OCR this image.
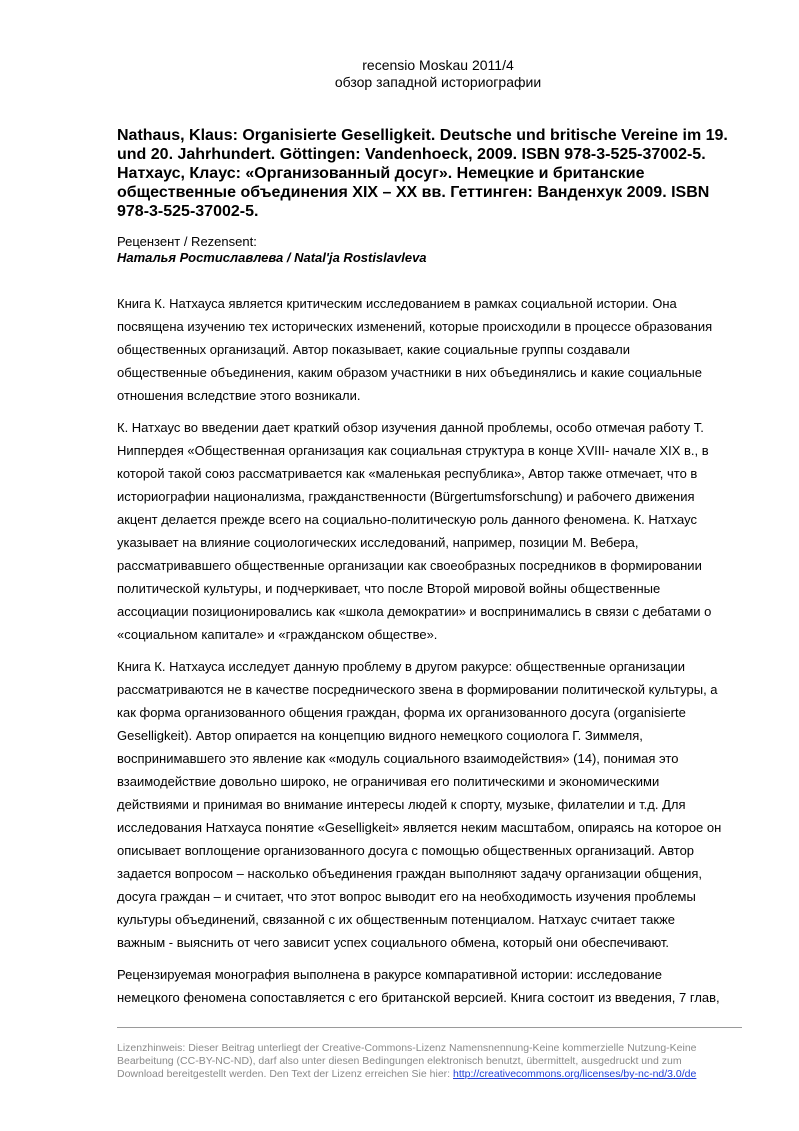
recensio Moskau 2011/4
обзор западной историографии
Nathaus, Klaus: Organisierte Geselligkeit. Deutsche und britische Vereine im 19.
und 20. Jahrhundert. Göttingen: Vandenhoeck, 2009. ISBN 978-3-525-37002-5.
Натхаус, Клаус: «Организованный досуг». Немецкие и британские
общественные объединения XIX – XX вв. Геттинген: Ванденхук 2009. ISBN
978-3-525-37002-5.
Рецензент / Rezensent:
Наталья Ростиславлева / Natal'ja Rostislavleva
Книга К. Натхауса является критическим исследованием в рамках социальной истории. Она
посвящена изучению тех исторических изменений, которые происходили в процессе образования
общественных организаций. Автор показывает, какие социальные группы создавали
общественные объединения, каким образом участники в них объединялись и какие социальные
отношения вследствие этого возникали.
К. Натхаус во введении дает краткий обзор изучения данной проблемы, особо отмечая работу Т.
Ниппердея «Общественная организация как социальная структура в конце XVIII- начале XIX в., в
которой такой союз рассматривается как «маленькая республика», Автор также отмечает, что в
историографии национализма, гражданственности (Bürgertumsforschung) и рабочего движения
акцент делается прежде всего на социально-политическую роль данного феномена. К. Натхаус
указывает на влияние социологических исследований, например, позиции М. Вебера,
рассматривавшего общественные организации как своеобразных посредников в формировании
политической культуры, и подчеркивает, что после Второй мировой войны общественные
ассоциации позиционировались как «школа демократии» и воспринимались в связи с дебатами о
«социальном капитале» и «гражданском обществе».
Книга К. Натхауса исследует данную проблему в другом ракурсе: общественные организации
рассматриваются не в качестве посреднического звена в формировании политической культуры, а
как форма организованного общения граждан, форма их организованного досуга (organisierte
Geselligkeit). Автор опирается на концепцию видного немецкого социолога Г. Зиммеля,
воспринимавшего это явление как «модуль социального взаимодействия» (14), понимая это
взаимодействие довольно широко, не ограничивая его политическими и экономическими
действиями и принимая во внимание интересы людей к спорту, музыке, филателии и т.д. Для
исследования Натхауса понятие «Geselligkeit» является неким масштабом, опираясь на которое он
описывает воплощение организованного досуга с помощью общественных организаций. Автор
задается вопросом – насколько объединения граждан выполняют задачу организации общения,
досуга граждан – и считает, что этот вопрос выводит его на необходимость изучения проблемы
культуры объединений, связанной с их общественным потенциалом. Натхаус считает также
важным - выяснить от чего зависит успех социального обмена, который они обеспечивают.
Рецензируемая монография выполнена в ракурсе компаративной истории: исследование
немецкого феномена сопоставляется с его британской версией. Книга состоит из введения, 7 глав,
Lizenzhinweis: Dieser Beitrag unterliegt der Creative-Commons-Lizenz Namensnennung-Keine kommerzielle Nutzung-Keine
Bearbeitung (CC-BY-NC-ND), darf also unter diesen Bedingungen elektronisch benutzt, übermittelt, ausgedruckt und zum
Download bereitgestellt werden. Den Text der Lizenz erreichen Sie hier: http://creativecommons.org/licenses/by-nc-nd/3.0/de
